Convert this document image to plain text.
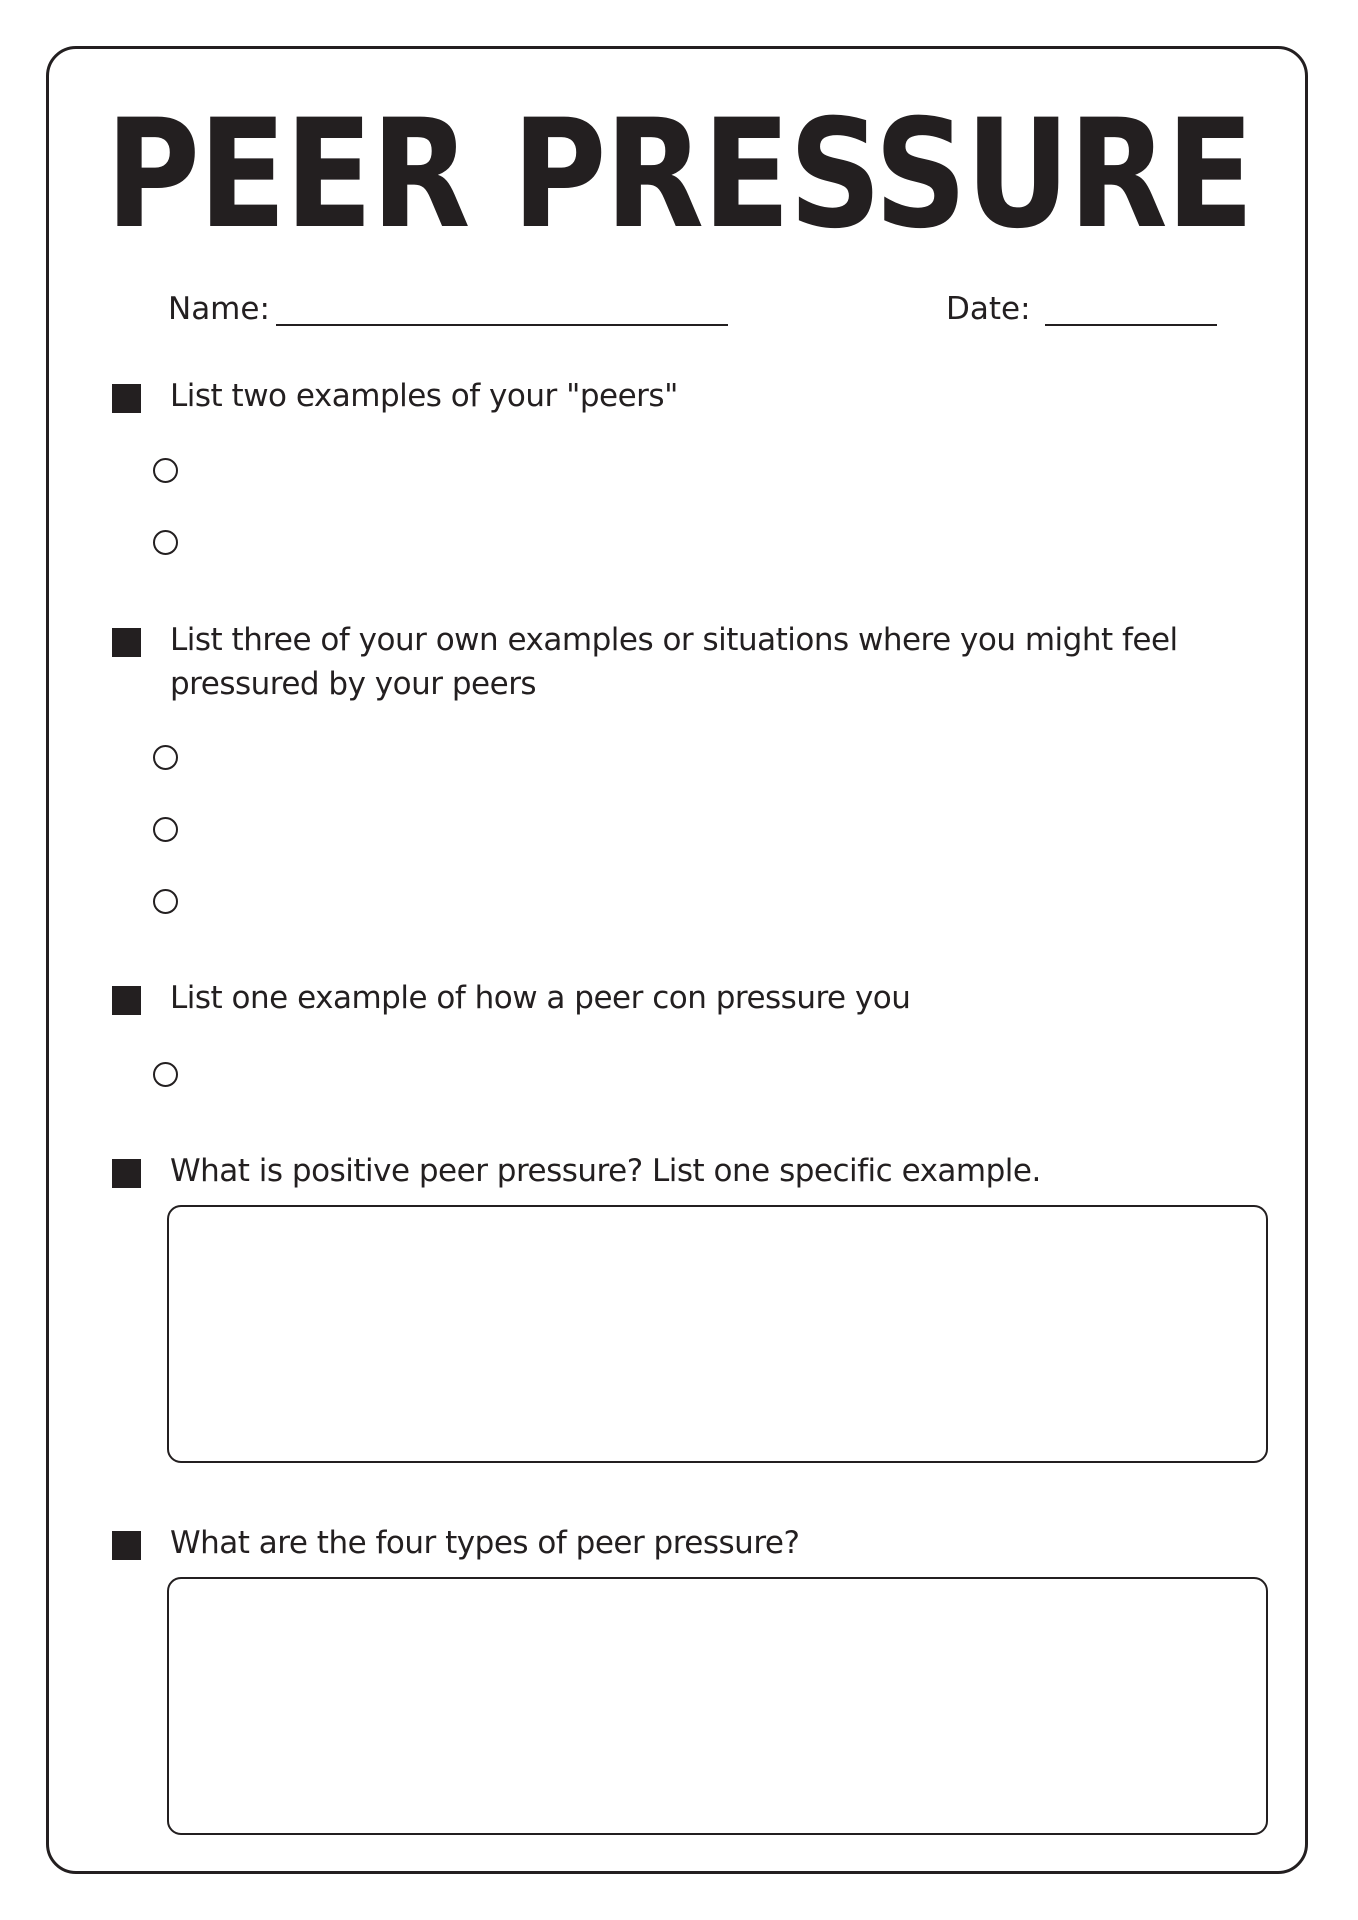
PEER PRESSURE
Name:	Date:
List two examples of your "peers"
List three of your own examples or situations where you might feel pressured by your peers
List one example of how a peer con pressure you
What is positive peer pressure? List one specific example.
What are the four types of peer pressure?
